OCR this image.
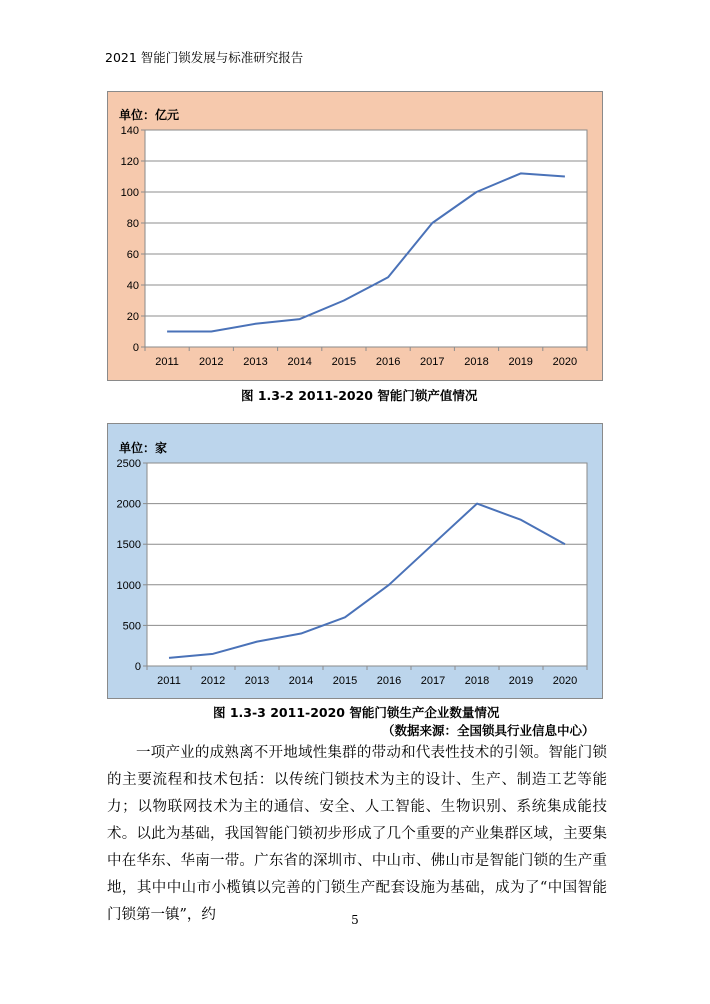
2021 智能门锁发展与标准研究报告
0
20
40
60
80
100
120
140
2011 2012 2013 2014 2015 2016 2017 2018 2019 2020
单位：亿元
图 1.3-2 2011-2020 智能门锁产值情况
0
500
1000
1500
2000
2500
2011 2012 2013 2014 2015 2016 2017 2018 2019 2020
单位：家
图 1.3-3 2011-2020 智能门锁生产企业数量情况
（数据来源：全国锁具行业信息中心）

一项产业的成熟离不开地域性集群的带动和代表性技术的引领。智能门锁的主要流程和技术包括：以传统门锁技术为主的设计、生产、制造工艺等能力；以物联网技术为主的通信、安全、人工智能、生物识别、系统集成能技术。以此为基础，我国智能门锁初步形成了几个重要的产业集群区域，主要集中在华东、华南一带。广东省的深圳市、中山市、佛山市是智能门锁的生产重地，其中中山市小榄镇以完善的门锁生产配套设施为基础，成为了“中国智能门锁第一镇”，约	5
